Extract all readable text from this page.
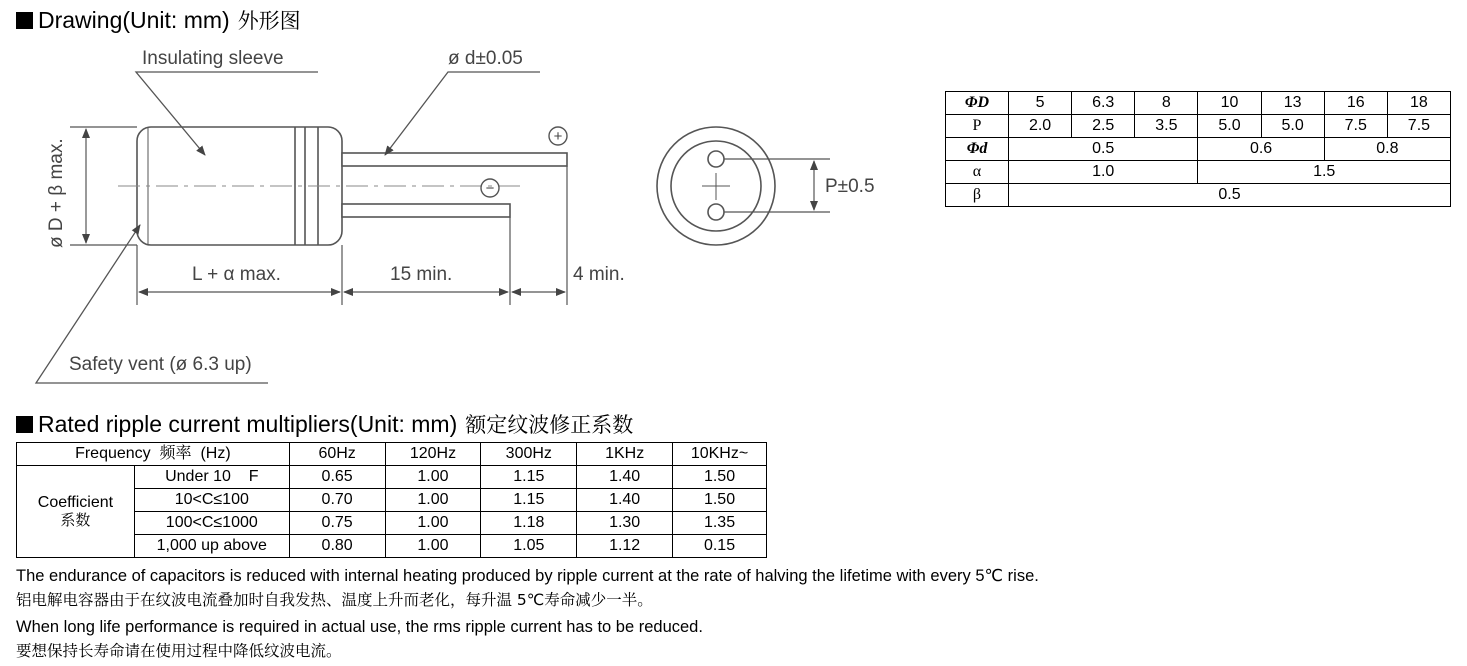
Drawing(Unit: mm) 外形图
+
−
Insulating sleeve	ø d±0.05
ø D + β max.
L + α max.	15 min.	4 min.
Safety vent (ø 6.3 up)
P±0.5
ΦD	5	6.3	8	10	13	16	18
P	2.0	2.5	3.5	5.0	5.0	7.5	7.5
Φd	0.5			0.6		0.8	
α	1.0			1.5			
β	0.5						
Rated ripple current multipliers(Unit: mm) 额定纹波修正系数
Frequency  频率  (Hz)		60Hz	120Hz	300Hz	1KHz	10KHz~

Coefficient
系数	Under 10    F	0.65	1.00	1.15	1.40	1.50
	10<C≤100	0.70	1.00	1.15	1.40	1.50
	100<C≤1000	0.75	1.00	1.18	1.30	1.35
	1,000 up above	0.80	1.00	1.05	1.12	0.15
The endurance of capacitors is reduced with internal heating produced by ripple current at the rate of halving the lifetime with every 5℃ rise.
铝电解电容器由于在纹波电流叠加时自我发热、温度上升而老化，每升温 5℃寿命减少一半。
When long life performance is required in actual use, the rms ripple current has to be reduced.
要想保持长寿命请在使用过程中降低纹波电流。
